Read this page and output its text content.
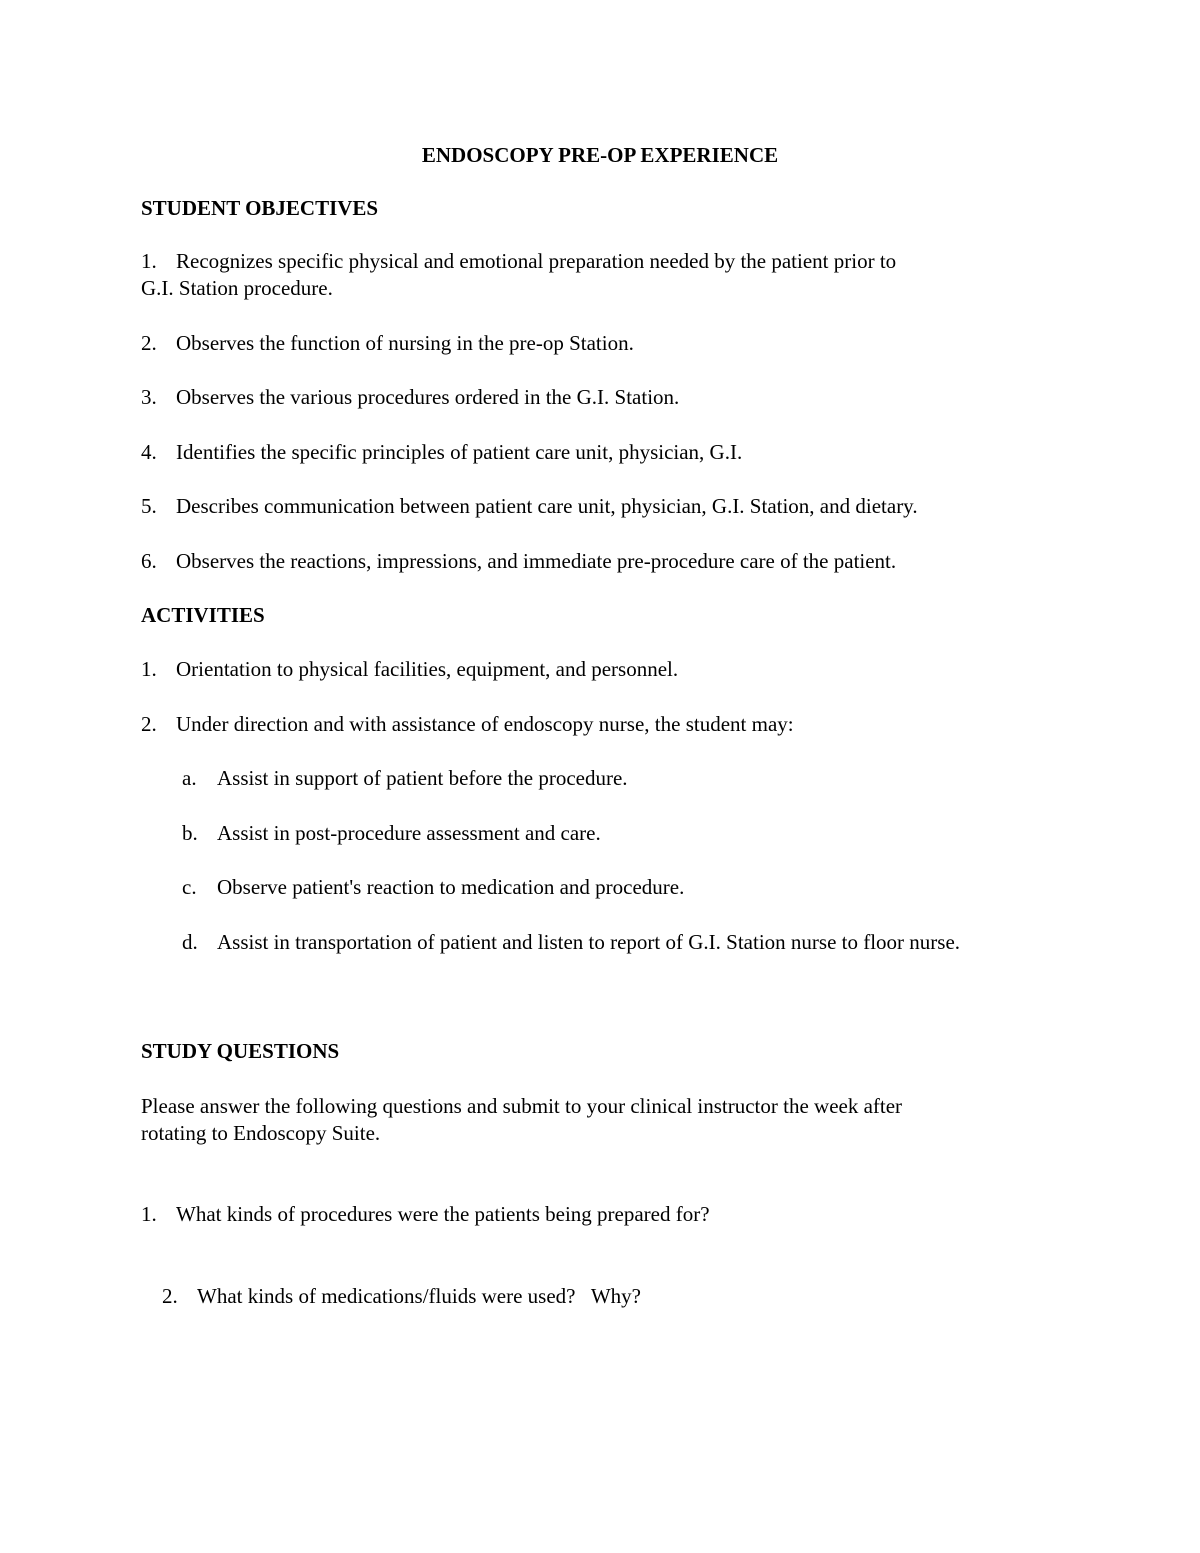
ENDOSCOPY PRE-OP EXPERIENCE
STUDENT OBJECTIVES
1. Recognizes specific physical and emotional preparation needed by the patient prior to
G.I. Station procedure.
2. Observes the function of nursing in the pre-op Station.
3. Observes the various procedures ordered in the G.I. Station.
4. Identifies the specific principles of patient care unit, physician, G.I.
5. Describes communication between patient care unit, physician, G.I. Station, and dietary.
6. Observes the reactions, impressions, and immediate pre-procedure care of the patient.
ACTIVITIES
1. Orientation to physical facilities, equipment, and personnel.
2. Under direction and with assistance of endoscopy nurse, the student may:
a. Assist in support of patient before the procedure.
b. Assist in post-procedure assessment and care.
c. Observe patient's reaction to medication and procedure.
d. Assist in transportation of patient and listen to report of G.I. Station nurse to floor nurse.
STUDY QUESTIONS
Please answer the following questions and submit to your clinical instructor the week after
rotating to Endoscopy Suite.
1. What kinds of procedures were the patients being prepared for?

2. What kinds of medications/fluids were used?   Why?
